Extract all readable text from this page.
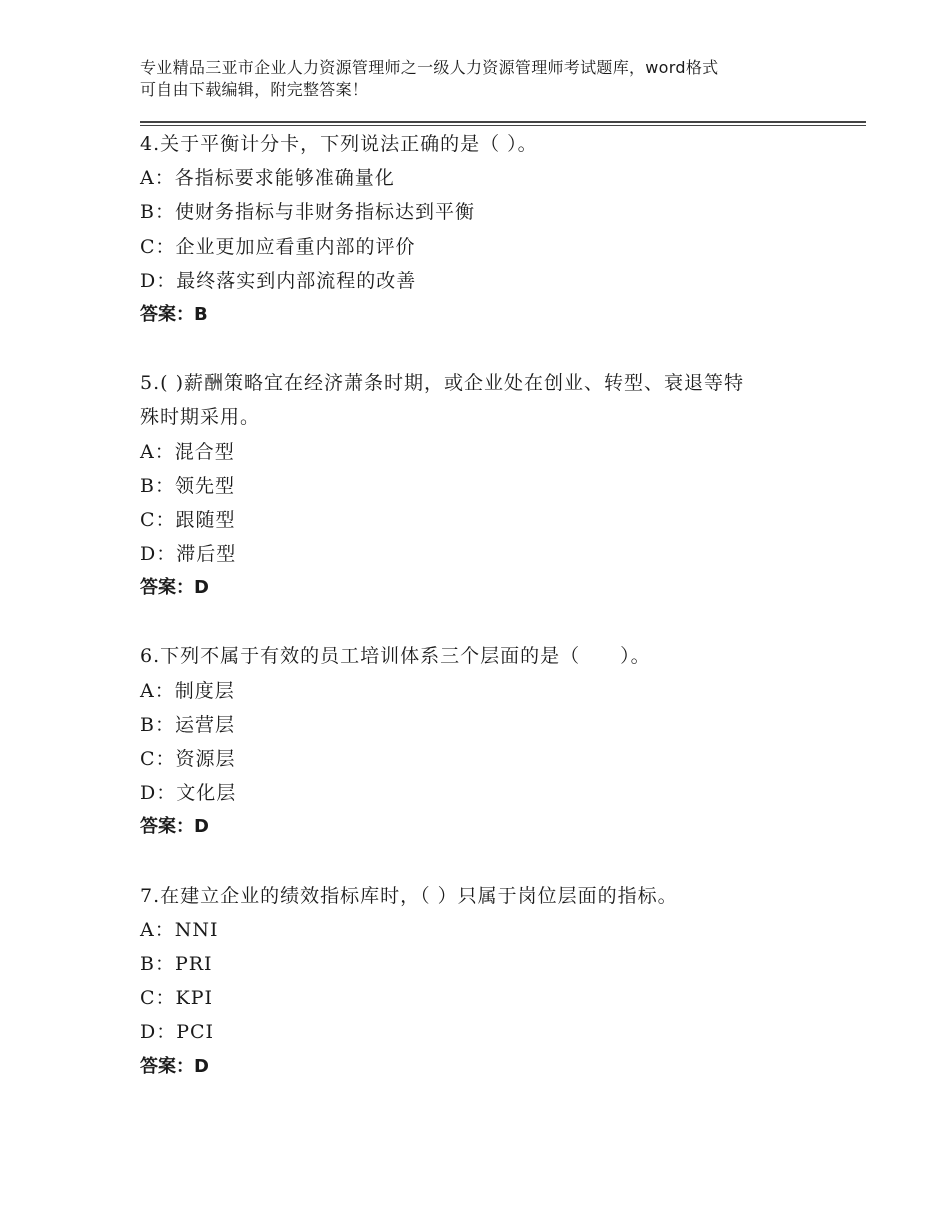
专业精品三亚市企业人力资源管理师之一级人力资源管理师考试题库，word格式
可自由下载编辑，附完整答案！
4.关于平衡计分卡，下列说法正确的是（ ）。
A：各指标要求能够准确量化
B：使财务指标与非财务指标达到平衡
C：企业更加应看重内部的评价
D：最终落实到内部流程的改善
答案：B
5.( )薪酬策略宜在经济萧条时期，或企业处在创业、转型、衰退等特
殊时期采用。
A：混合型
B：领先型
C：跟随型
D：滞后型
答案：D
6.下列不属于有效的员工培训体系三个层面的是（　　）。
A：制度层
B：运营层
C：资源层
D：文化层
答案：D
7.在建立企业的绩效指标库时，（ ）只属于岗位层面的指标。
A：NNI
B：PRI
C：KPI
D：PCI
答案：D
